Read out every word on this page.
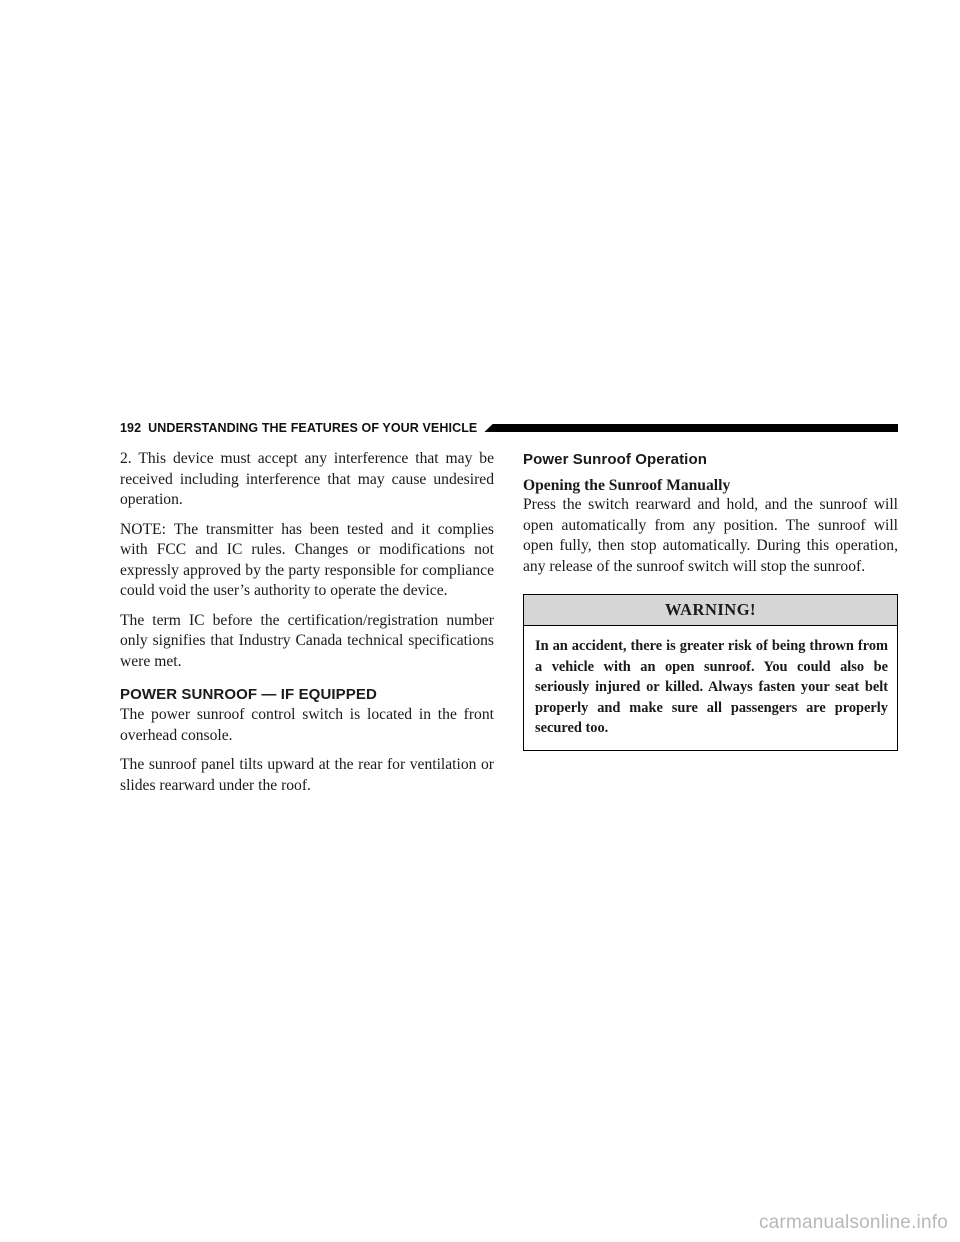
192 UNDERSTANDING THE FEATURES OF YOUR VEHICLE

2. This device must accept any interference that may be received including interference that may cause undesired operation.

NOTE: The transmitter has been tested and it complies with FCC and IC rules. Changes or modifications not expressly approved by the party responsible for compliance could void the user’s authority to operate the device.

The term IC before the certification/registration number only signifies that Industry Canada technical specifications were met.

POWER SUNROOF — IF EQUIPPED

The power sunroof control switch is located in the front overhead console.

The sunroof panel tilts upward at the rear for ventilation or slides rearward under the roof.

Power Sunroof Operation
Opening the Sunroof Manually

Press the switch rearward and hold, and the sunroof will open automatically from any position. The sunroof will open fully, then stop automatically. During this operation, any release of the sunroof switch will stop the sunroof.

WARNING!
In an accident, there is greater risk of being thrown from a vehicle with an open sunroof. You could also be seriously injured or killed. Always fasten your seat belt properly and make sure all passengers are properly secured too.
carmanualsonline.info
